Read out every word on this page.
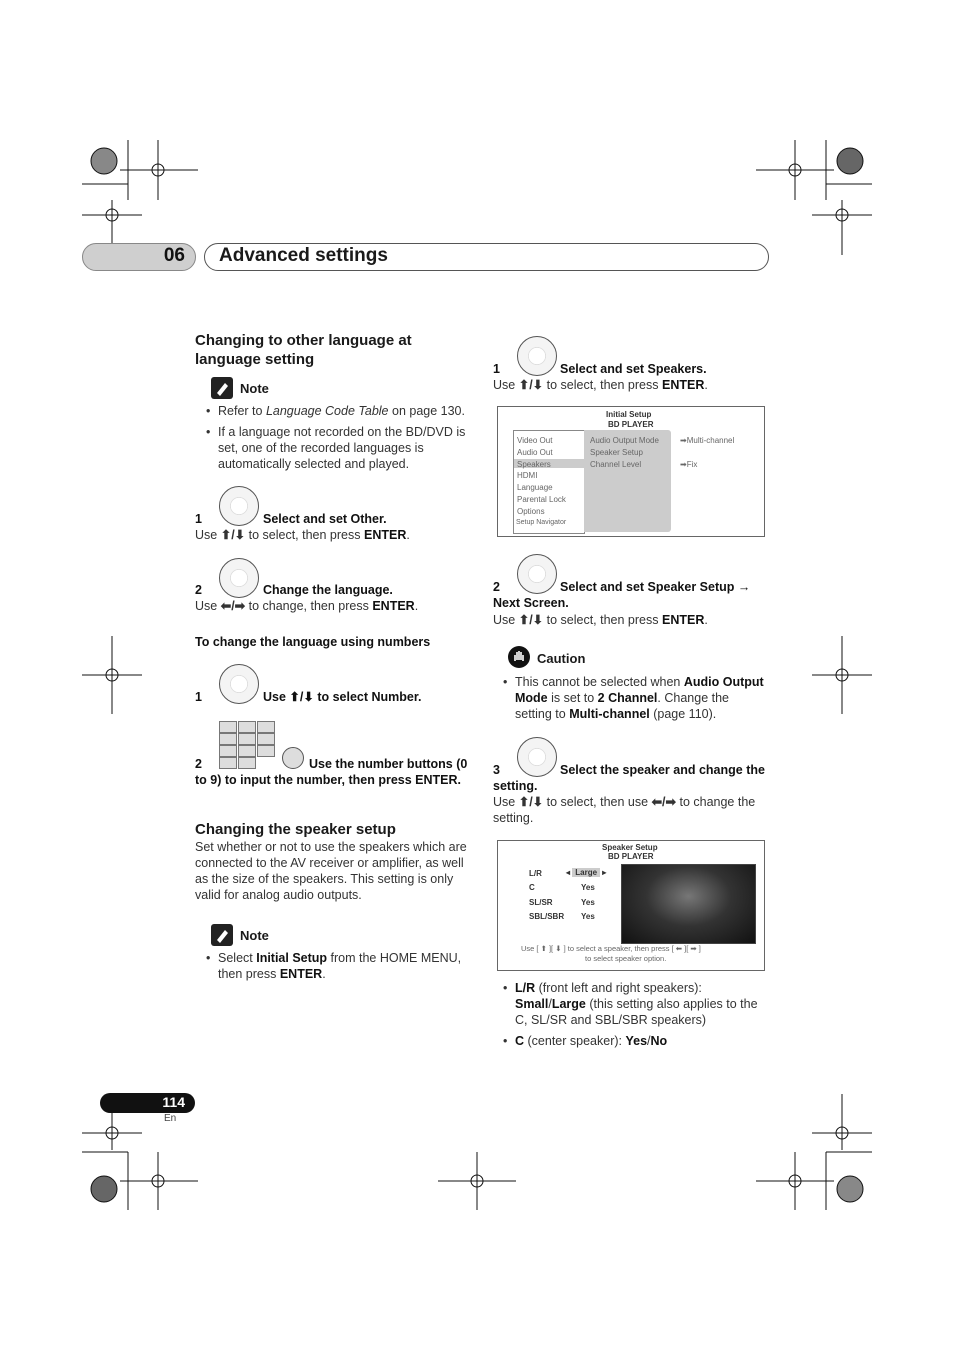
06 Advanced settings
Changing to other language at language setting
Note
• Refer to Language Code Table on page 130.
• If a language not recorded on the BD/DVD is set, one of the recorded languages is automatically selected and played.
1	Select and set Other.
Use ⬆/⬇ to select, then press ENTER.
2	Change the language.
Use ⬅/➡ to change, then press ENTER.
To change the language using numbers
1	Use ⬆/⬇ to select Number.
2	Use the number buttons (0 to 9) to input the number, then press ENTER.
Changing the speaker setup
Set whether or not to use the speakers which are connected to the AV receiver or amplifier, as well as the size of the speakers. This setting is only valid for analog audio outputs.
Note
• Select Initial Setup from the HOME MENU, then press ENTER.
1	Select and set Speakers.
Use ⬆/⬇ to select, then press ENTER.
Initial Setup
BD PLAYER
Video Out
Audio Out
Speakers
HDMI
Language
Parental Lock
Options
Setup Navigator
Audio Output Mode
Speaker Setup
Channel Level
➡Multi-channel
➡Fix
2	Select and set Speaker Setup → Next Screen.
Use ⬆/⬇ to select, then press ENTER.
Caution
• This cannot be selected when Audio Output Mode is set to 2 Channel. Change the setting to Multi-channel (page 110).
3	Select the speaker and change the setting.
Use ⬆/⬇ to select, then use ⬅/➡ to change the setting.
Speaker Setup
BD PLAYER
L/R	◂ Large ▸
C	Yes
SL/SR	Yes
SBL/SBR Yes
Use [ ⬆ ][ ⬇ ] to select a speaker, then press [ ⬅ ][ ➡ ]
to select speaker option.
• L/R (front left and right speakers): Small/Large (this setting also applies to the C, SL/SR and SBL/SBR speakers)
• C (center speaker): Yes/No
114
En
